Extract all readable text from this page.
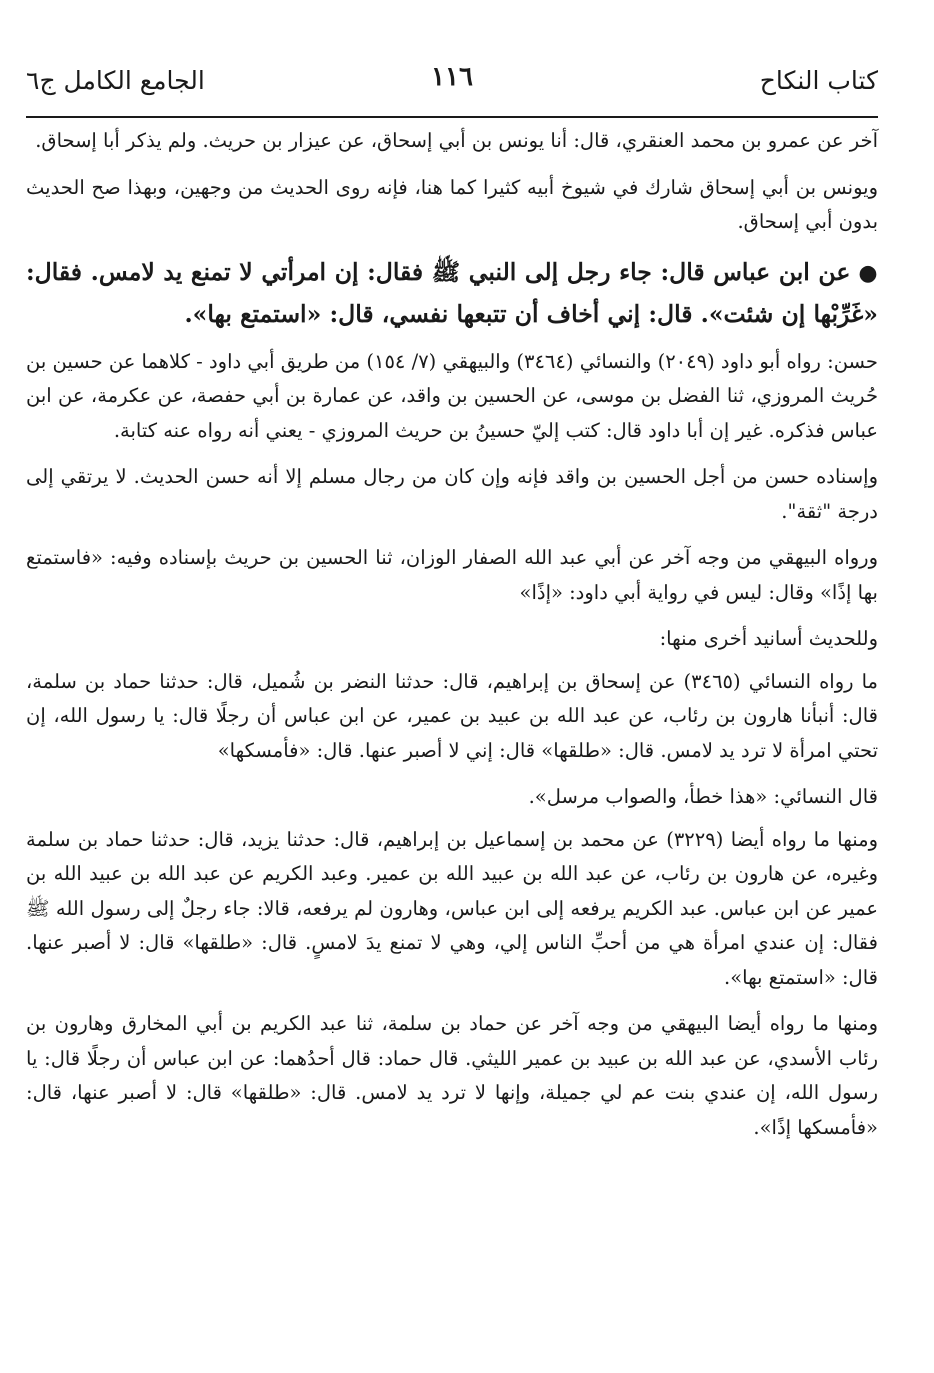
كتاب النكاح
١١٦
الجامع الكامل ج٦

آخر عن عمرو بن محمد العنقري، قال: أنا يونس بن أبي إسحاق، عن عيزار بن حريث. ولم يذكر أبا إسحاق.

ويونس بن أبي إسحاق شارك في شيوخ أبيه كثيرا كما هنا، فإنه روى الحديث من وجهين، وبهذا صح الحديث بدون أبي إسحاق.

●عن ابن عباس قال: جاء رجل إلى النبي ﷺ فقال: إن امرأتي لا تمنع يد لامس. فقال: «غَرِّبْها إن شئت». قال: إني أخاف أن تتبعها نفسي، قال: «استمتع بها».

حسن: رواه أبو داود (٢٠٤٩) والنسائي (٣٤٦٤) والبيهقي (٧/ ١٥٤) من طريق أبي داود - كلاهما عن حسين بن حُريث المروزي، ثنا الفضل بن موسى، عن الحسين بن واقد، عن عمارة بن أبي حفصة، عن عكرمة، عن ابن عباس فذكره. غير إن أبا داود قال: كتب إليّ حسينُ بن حريث المروزي - يعني أنه رواه عنه كتابة.

وإسناده حسن من أجل الحسين بن واقد فإنه وإن كان من رجال مسلم إلا أنه حسن الحديث. لا يرتقي إلى درجة "ثقة".

ورواه البيهقي من وجه آخر عن أبي عبد الله الصفار الوزان، ثنا الحسين بن حريث بإسناده وفيه: «فاستمتع بها إذًا» وقال: ليس في رواية أبي داود: «إذًا»

وللحديث أسانيد أخرى منها:

ما رواه النسائي (٣٤٦٥) عن إسحاق بن إبراهيم، قال: حدثنا النضر بن شُميل، قال: حدثنا حماد بن سلمة، قال: أنبأنا هارون بن رئاب، عن عبد الله بن عبيد بن عمير، عن ابن عباس أن رجلًا قال: يا رسول الله، إن تحتي امرأة لا ترد يد لامس. قال: «طلقها» قال: إني لا أصبر عنها. قال: «فأمسكها»

قال النسائي: «هذا خطأ، والصواب مرسل».

ومنها ما رواه أيضا (٣٢٢٩) عن محمد بن إسماعيل بن إبراهيم، قال: حدثنا يزيد، قال: حدثنا حماد بن سلمة وغيره، عن هارون بن رئاب، عن عبد الله بن عبيد الله بن عمير. وعبد الكريم عن عبد الله بن عبيد الله بن عمير عن ابن عباس. عبد الكريم يرفعه إلى ابن عباس، وهارون لم يرفعه، قالا: جاء رجلٌ إلى رسول الله ﷺ فقال: إن عندي امرأة هي من أحبِّ الناس إلي، وهي لا تمنع يدَ لامسٍ. قال: «طلقها» قال: لا أصبر عنها. قال: «استمتع بها».

ومنها ما رواه أيضا البيهقي من وجه آخر عن حماد بن سلمة، ثنا عبد الكريم بن أبي المخارق وهارون بن رئاب الأسدي، عن عبد الله بن عبيد بن عمير الليثي. قال حماد: قال أحدُهما: عن ابن عباس أن رجلًا قال: يا رسول الله، إن عندي بنت عم لي جميلة، وإنها لا ترد يد لامس. قال: «طلقها» قال: لا أصبر عنها، قال: «فأمسكها إذًا».
